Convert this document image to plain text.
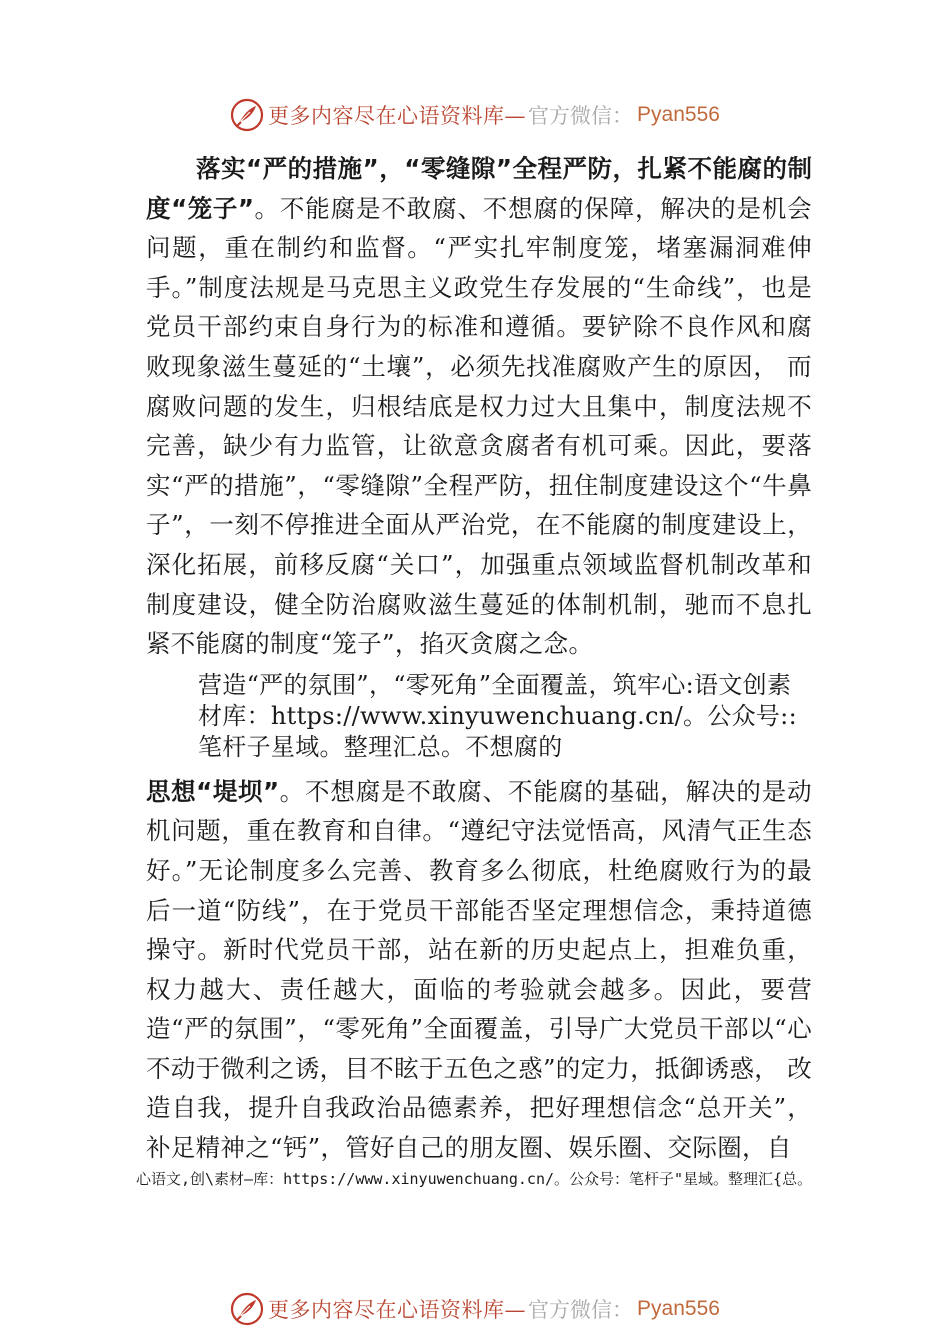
更多内容尽在心语资料库— 官方微信： Pyan556

落实“严的措施”，“零缝隙”全程严防，扎紧不能腐的制度“笼子”。不能腐是不敢腐、不想腐的保障，解决的是机会问题，重在制约和监督。“严实扎牢制度笼，堵塞漏洞难伸手。”制度法规是马克思主义政党生存发展的“生命线”，也是党员干部约束自身行为的标准和遵循。要铲除不良作风和腐败现象滋生蔓延的“土壤”，必须先找准腐败产生的原因， 而腐败问题的发生，归根结底是权力过大且集中，制度法规不完善，缺少有力监管，让欲意贪腐者有机可乘。因此，要落实“严的措施”，“零缝隙”全程严防，扭住制度建设这个“牛鼻子”，一刻不停推进全面从严治党，在不能腐的制度建设上，深化拓展，前移反腐“关口”，加强重点领域监督机制改革和制度建设，健全防治腐败滋生蔓延的体制机制，驰而不息扎紧不能腐的制度“笼子”，掐灭贪腐之念。

营造“严的氛围”，“零死角”全面覆盖，筑牢心:语文创素材库：https://www.xinyuwenchuang.cn/。公众号::笔杆子星域。整理汇总。不想腐的

思想“堤坝”。不想腐是不敢腐、不能腐的基础，解决的是动机问题，重在教育和自律。“遵纪守法觉悟高，风清气正生态好。”无论制度多么完善、教育多么彻底，杜绝腐败行为的最后一道“防线”，在于党员干部能否坚定理想信念，秉持道德操守。新时代党员干部，站在新的历史起点上，担难负重， 权力越大、责任越大，面临的考验就会越多。因此，要营造“严的氛围”，“零死角”全面覆盖，引导广大党员干部以“心不动于微利之诱，目不眩于五色之惑”的定力，抵御诱惑， 改造自我，提升自我政治品德素养，把好理想信念“总开关”，补足精神之“钙”，管好自己的朋友圈、娱乐圈、交际圈，自

心语文,创\素材—库：https://www.xinyuwenchuang.cn/。公众号：笔杆子"星域。整理汇{总。
更多内容尽在心语资料库— 官方微信： Pyan556
